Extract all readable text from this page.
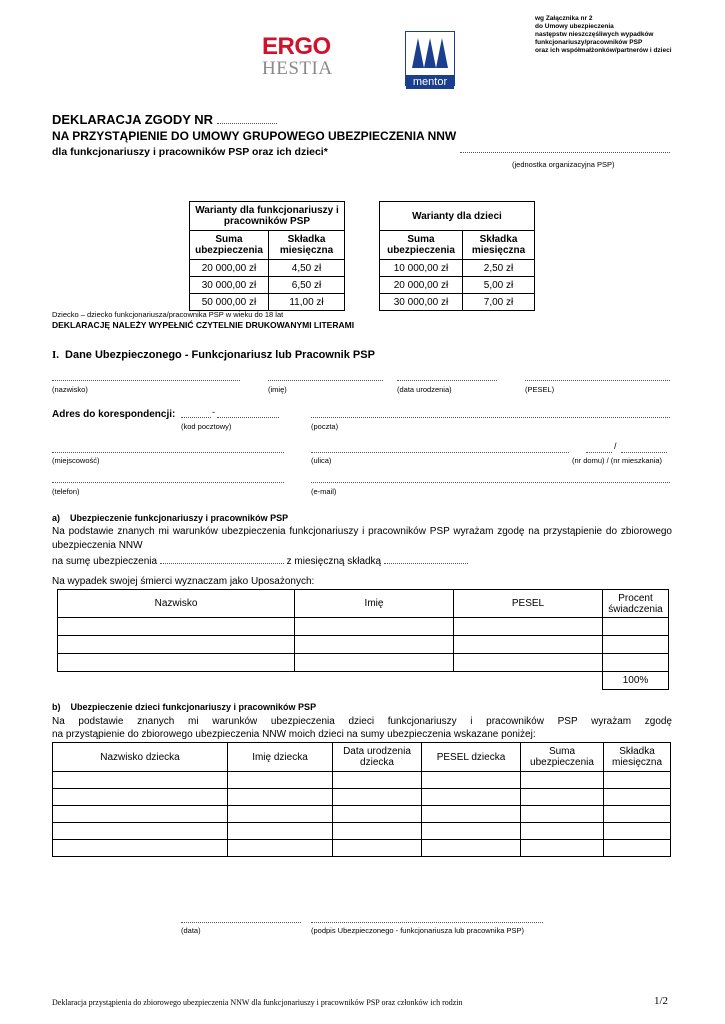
wg Załącznika nr 2
do Umowy ubezpieczenia
następstw nieszczęśliwych wypadków
funkcjonariuszy/pracowników PSP
oraz ich współmałżonków/partnerów i dzieci
ERGO
HESTIA
mentor
DEKLARACJA ZGODY NR
NA PRZYSTĄPIENIE DO UMOWY GRUPOWEGO UBEZPIECZENIA NNW
dla funkcjonariuszy i pracowników PSP oraz ich dzieci*
(jednostka organizacyjna PSP)
Warianty dla funkcjonariuszy i pracowników PSP	
Suma ubezpieczenia	Składka miesięczna
20 000,00 zł	4,50 zł
30 000,00 zł	6,50 zł
50 000,00 zł	11,00 zł
Warianty dla dzieci	
Suma ubezpieczenia	Składka miesięczna
10 000,00 zł	2,50 zł
20 000,00 zł	5,00 zł
30 000,00 zł	7,00 zł
Dziecko – dziecko funkcjonariusza/pracownika PSP w wieku do 18 lat
DEKLARACJĘ NALEŻY WYPEŁNIĆ CZYTELNIE DRUKOWANYMI LITERAMI
I. Dane Ubezpieczonego - Funkcjonariusz lub Pracownik PSP
(nazwisko)	(imię)	(data urodzenia)	(PESEL)
Adres do korespondencji:	-
(kod pocztowy)	(poczta)
/
(miejscowość)	(ulica)	(nr domu) / (nr mieszkania)
(telefon)	(e-mail)
a) Ubezpieczenie funkcjonariuszy i pracowników PSP
Na podstawie znanych mi warunków ubezpieczenia funkcjonariuszy i pracowników PSP wyrażam zgodę na przystąpienie do zbiorowego ubezpieczenia NNW
na sumę ubezpieczenia	z miesięczną składką
Na wypadek swojej śmierci wyznaczam jako Uposażonych:
Nazwisko	Imię	PESEL	Procent świadczenia

			100%
b) Ubezpieczenie dzieci funkcjonariuszy i pracowników PSP
Na podstawie znanych mi warunków ubezpieczenia dzieci funkcjonariuszy i pracowników PSP wyrażam zgodę
na przystąpienie do zbiorowego ubezpieczenia NNW moich dzieci na sumy ubezpieczenia wskazane poniżej:
Nazwisko dziecka	Imię dziecka	Data urodzenia dziecka	PESEL dziecka	Suma ubezpieczenia	Składka miesięczna

(data)	(podpis Ubezpieczonego - funkcjonariusza lub pracownika PSP)
Deklaracja przystąpienia do zbiorowego ubezpieczenia NNW dla funkcjonariuszy i pracowników PSP oraz członków ich rodzin	1/2
